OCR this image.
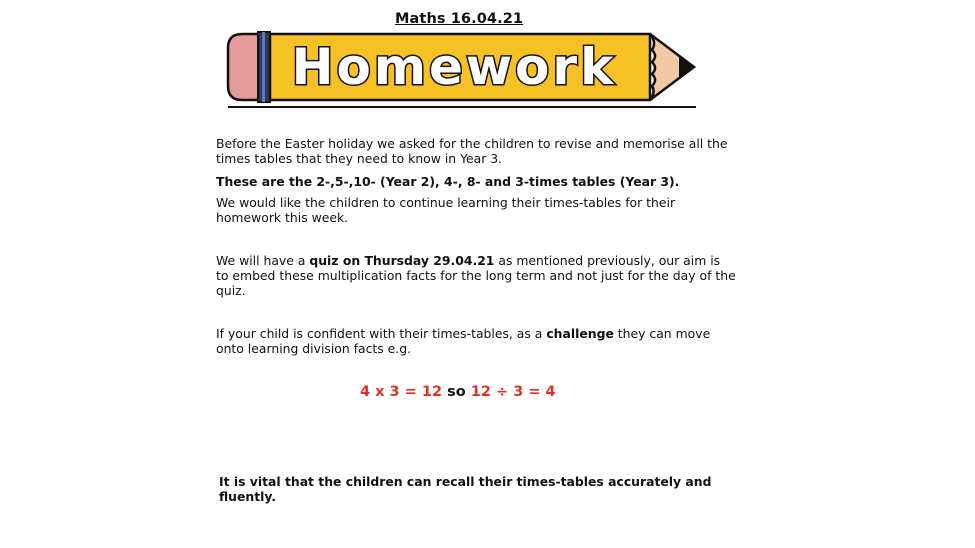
Maths 16.04.21
Homework
Before the Easter holiday we asked for the children to revise and memorise all the times tables that they need to know in Year 3.
These are the 2-,5-,10- (Year 2), 4-, 8- and 3-times tables (Year 3).
We would like the children to continue learning their times-tables for their homework this week.
We will have a quiz on Thursday 29.04.21 as mentioned previously, our aim is to embed these multiplication facts for the long term and not just for the day of the quiz.
If your child is confident with their times-tables, as a challenge they can move onto learning division facts e.g.
4 x 3 = 12 so 12 ÷ 3 = 4
It is vital that the children can recall their times-tables accurately and fluently.
